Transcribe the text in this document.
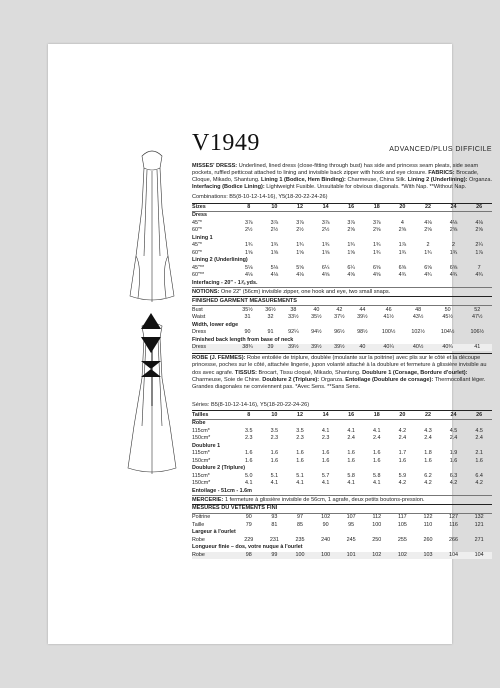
V1949	ADVANCED/PLUS DIFFICILE
MISSES' DRESS: Underlined, lined dress (close-fitting through bust) has side and princess seam pleats, side seam pockets, ruffled petticoat attached to lining and invisible back zipper with hook and eye closure. FABRICS: Brocade, Cloque, Mikado, Shantung. Lining 1 (Bodice, Hem Binding): Charmeuse, China Silk. Lining 2 (Underlining): Organza. Interfacing (Bodice Lining): Lightweight Fusible. Unsuitable for obvious diagonals. *With Nap. **Without Nap.
Combinations: B5(8-10-12-14-16), Y5(18-20-22-24-26)
Sizes	8	10	12	14	16	18	20	22	24	26
Dress										
45"*	3⅞	3⅞	3⅞	3⅞	3⅞	3⅞	4	4⅛	4⅛	4⅛
60"*	2½	2½	2½	2½	2⅝	2⅝	2⅝	2⅝	2⅝	2⅝
Lining 1										
45"*	1¾	1¾	1¾	1¾	1¾	1¾	1⅞	2	2	2¼
60"*	1⅝	1⅝	1⅝	1⅝	1⅝	1¾	1¾	1¾	1¾	1⅞
Lining 2 (Underlining)										
45"**	5⅛	5⅛	5⅝	6¼	6¼	6⅝	6⅝	6⅝	6⅝	7
60"**	4⅛	4⅛	4⅛	4⅝	4⅝	4⅝	4¾	4¾	4¾	4¾
Interfacing - 20" - 1⅞ yds.										
NOTIONS: One 22" (56cm) invisible zipper, one hook and eye, two small snaps.
FINISHED GARMENT MEASUREMENTS
Bust	35½	36½	38	40	42	44	46	48	50	52
Waist	31	32	33½	35½	37½	39½	41½	43½	45½	47½
Width, lower edge										
Dress	90	91	92¼	94½	96½	98½	100½	102½	104½	106½
Finished back length from base of neck										
Dress	38¾	39	39½	39½	39½	40	40¼	40½	40¾	41
ROBE (J. FEMMES): Robe entoilée de triplure, doublée (moulante sur la poitrine) avec plis sur le côté et la découpe princesse, poches sur le côté, attachée lingerie, jupon volanté attaché à la doublure et fermeture à glissière invisible au dos avec agrafe. TISSUS: Brocart, Tissu cloqué, Mikado, Shantung. Doublure 1 (Corsage, Bordure d'ourlet): Charmeuse, Soie de Chine. Doublure 2 (Triplure): Organza. Entoilage (Doublure de corsage): Thermocollant léger. Grandes diagonales ne conviennent pas. *Avec Sens. **Sans Sens.
Séries: B5(8-10-12-14-16), Y5(18-20-22-24-26)
Tailles	8	10	12	14	16	18	20	22	24	26
Robe										
115cm*	3.5	3.5	3.5	4.1	4.1	4.1	4.2	4.3	4.5	4.5
150cm*	2.3	2.3	2.3	2.3	2.4	2.4	2.4	2.4	2.4	2.4
Doublure 1										
115cm*	1.6	1.6	1.6	1.6	1.6	1.6	1.7	1.8	1.9	2.1
150cm*	1.6	1.6	1.6	1.6	1.6	1.6	1.6	1.6	1.6	1.6
Doublure 2 (Triplure)										
115cm*	5.0	5.1	5.1	5.7	5.8	5.8	5.9	6.2	6.3	6.4
150cm*	4.1	4.1	4.1	4.1	4.1	4.1	4.2	4.2	4.2	4.2
Entoilage - 51cm - 1.6m										
MERCERIE: 1 fermeture à glissière invisible de 56cm, 1 agrafe, deux petits boutons-pression.
MESURES DU VÊTEMENTS FINI
Poitrine	90	93	97	102	107	112	117	122	127	132
Taille	79	81	85	90	95	100	105	110	116	121
Largeur à l'ourlet										
Robe	229	231	235	240	245	250	255	260	266	271
Longueur finie – dos, votre nuque à l'ourlet										
Robe	98	99	100	100	101	102	102	103	104	104
